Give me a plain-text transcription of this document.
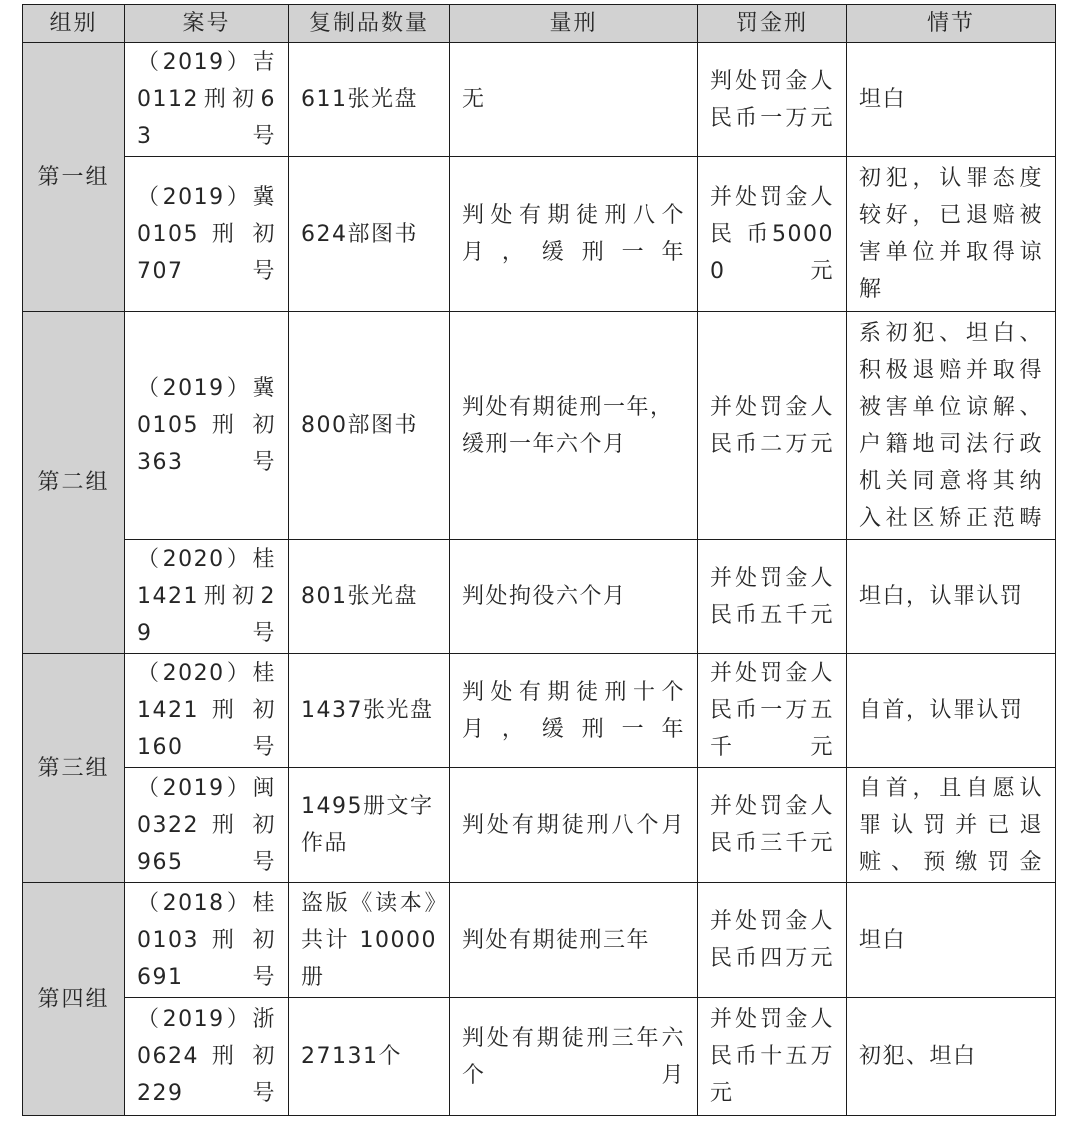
组别	案号	复制品数量	量刑	罚金刑	情节
第一组	（2019）吉0112刑初63号	611张光盘	无	判处罚金人民币一万元	坦白
	（2019）冀0105 刑 初707号	624部图书	判处有期徒刑八个月，缓刑一年	并处罚金人 民 币50000元	初犯，认罪态度较好，已退赔被害单位并取得谅解
第二组	（2019）冀0105 刑 初363号	800部图书	判处有期徒刑一年，缓刑一年六个月	并处罚金人民币二万元	系初犯、坦白、积极退赔并取得被害单位谅解、户籍地司法行政机关同意将其纳入社区矫正范畴
	（2020）桂1421刑初29号	801张光盘	判处拘役六个月	并处罚金人民币五千元	坦白，认罪认罚
第三组	（2020）桂1421 刑 初160号	1437张光盘	判处有期徒刑十个月，缓刑一年	并处罚金人民币一万五千元	自首，认罪认罚
	（2019）闽0322 刑 初965号	1495册文字作品	判处有期徒刑八个月	并处罚金人民币三千元	自首，且自愿认罪认罚并已退赃、预缴罚金
第四组	（2018）桂0103 刑 初691号	盗版《读本》共计 10000册	判处有期徒刑三年	并处罚金人民币四万元	坦白
	（2019）浙0624 刑 初229号	27131个	判处有期徒刑三年六个月	并处罚金人民币十五万元	初犯、坦白
